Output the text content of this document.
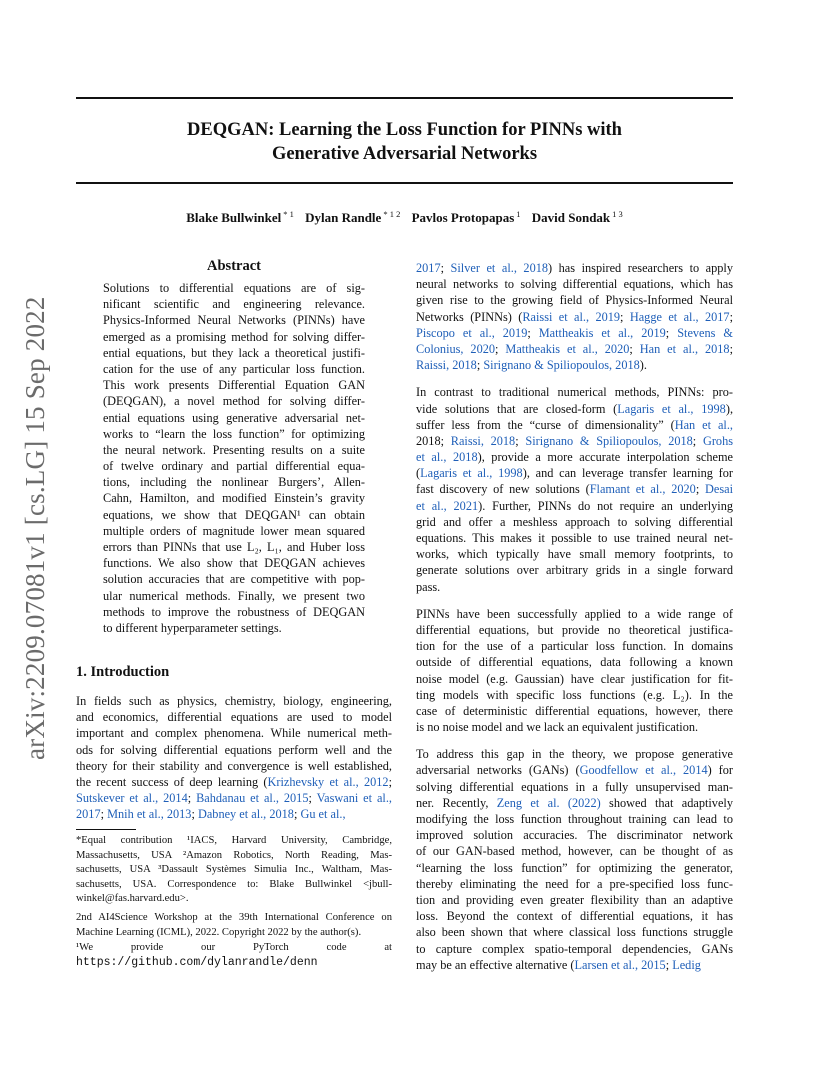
DEQGAN: Learning the Loss Function for PINNs with
Generative Adversarial Networks
Blake Bullwinkel $^{* 1}$ Dylan Randle $^{* 1 2}$ Pavlos Protopapas $^1$ David Sondak $^{1 3}$
arXiv:2209.07081v1 [cs.LG] 15 Sep 2022
Abstract
Solutions to differential equations are of sig-
nificant scientific and engineering relevance.
Physics-Informed Neural Networks (PINNs) have
emerged as a promising method for solving differ-
ential equations, but they lack a theoretical justifi-
cation for the use of any particular loss function.
This work presents Differential Equation GAN
(DEQGAN), a novel method for solving differ-
ential equations using generative adversarial net-
works to “learn the loss function” for optimizing
the neural network. Presenting results on a suite
of twelve ordinary and partial differential equa-
tions, including the nonlinear Burgers’, Allen-
Cahn, Hamilton, and modified Einstein’s gravity
equations, we show that DEQGAN¹ can obtain
multiple orders of magnitude lower mean squared
errors than PINNs that use L₂, L₁, and Huber loss
functions. We also show that DEQGAN achieves
solution accuracies that are competitive with pop-
ular numerical methods. Finally, we present two
methods to improve the robustness of DEQGAN
to different hyperparameter settings.
1. Introduction
In fields such as physics, chemistry, biology, engineering,
and economics, differential equations are used to model
important and complex phenomena. While numerical meth-
ods for solving differential equations perform well and the
theory for their stability and convergence is well established,
the recent success of deep learning (Krizhevsky et al., 2012;
Sutskever et al., 2014; Bahdanau et al., 2015; Vaswani et al.,
2017; Mnih et al., 2013; Dabney et al., 2018; Gu et al.,
*Equal contribution ¹IACS, Harvard University, Cambridge,
Massachusetts, USA ²Amazon Robotics, North Reading, Mas-
sachusetts, USA ³Dassault Systèmes Simulia Inc., Waltham, Mas-
sachusetts, USA. Correspondence to: Blake Bullwinkel <jbull-
winkel@fas.harvard.edu>.
2nd AI4Science Workshop at the 39th International Conference on
Machine Learning (ICML), 2022. Copyright 2022 by the author(s).
¹We	provide	our	PyTorch	code	at
https://github.com/dylanrandle/denn
2017; Silver et al., 2018) has inspired researchers to apply
neural networks to solving differential equations, which has
given rise to the growing field of Physics-Informed Neural
Networks (PINNs) (Raissi et al., 2019; Hagge et al., 2017;
Piscopo et al., 2019; Mattheakis et al., 2019; Stevens &
Colonius, 2020; Mattheakis et al., 2020; Han et al., 2018;
Raissi, 2018; Sirignano & Spiliopoulos, 2018).
In contrast to traditional numerical methods, PINNs: pro-
vide solutions that are closed-form (Lagaris et al., 1998),
suffer less from the “curse of dimensionality” (Han et al.,
2018; Raissi, 2018; Sirignano & Spiliopoulos, 2018; Grohs
et al., 2018), provide a more accurate interpolation scheme
(Lagaris et al., 1998), and can leverage transfer learning for
fast discovery of new solutions (Flamant et al., 2020; Desai
et al., 2021). Further, PINNs do not require an underlying
grid and offer a meshless approach to solving differential
equations. This makes it possible to use trained neural net-
works, which typically have small memory footprints, to
generate solutions over arbitrary grids in a single forward
pass.
PINNs have been successfully applied to a wide range of
differential equations, but provide no theoretical justifica-
tion for the use of a particular loss function. In domains
outside of differential equations, data following a known
noise model (e.g. Gaussian) have clear justification for fit-
ting models with specific loss functions (e.g. L₂). In the
case of deterministic differential equations, however, there
is no noise model and we lack an equivalent justification.
To address this gap in the theory, we propose generative
adversarial networks (GANs) (Goodfellow et al., 2014) for
solving differential equations in a fully unsupervised man-
ner. Recently, Zeng et al. (2022) showed that adaptively
modifying the loss function throughout training can lead to
improved solution accuracies. The discriminator network
of our GAN-based method, however, can be thought of as
“learning the loss function” for optimizing the generator,
thereby eliminating the need for a pre-specified loss func-
tion and providing even greater flexibility than an adaptive
loss. Beyond the context of differential equations, it has
also been shown that where classical loss functions struggle
to capture complex spatio-temporal dependencies, GANs
may be an effective alternative (Larsen et al., 2015; Ledig
